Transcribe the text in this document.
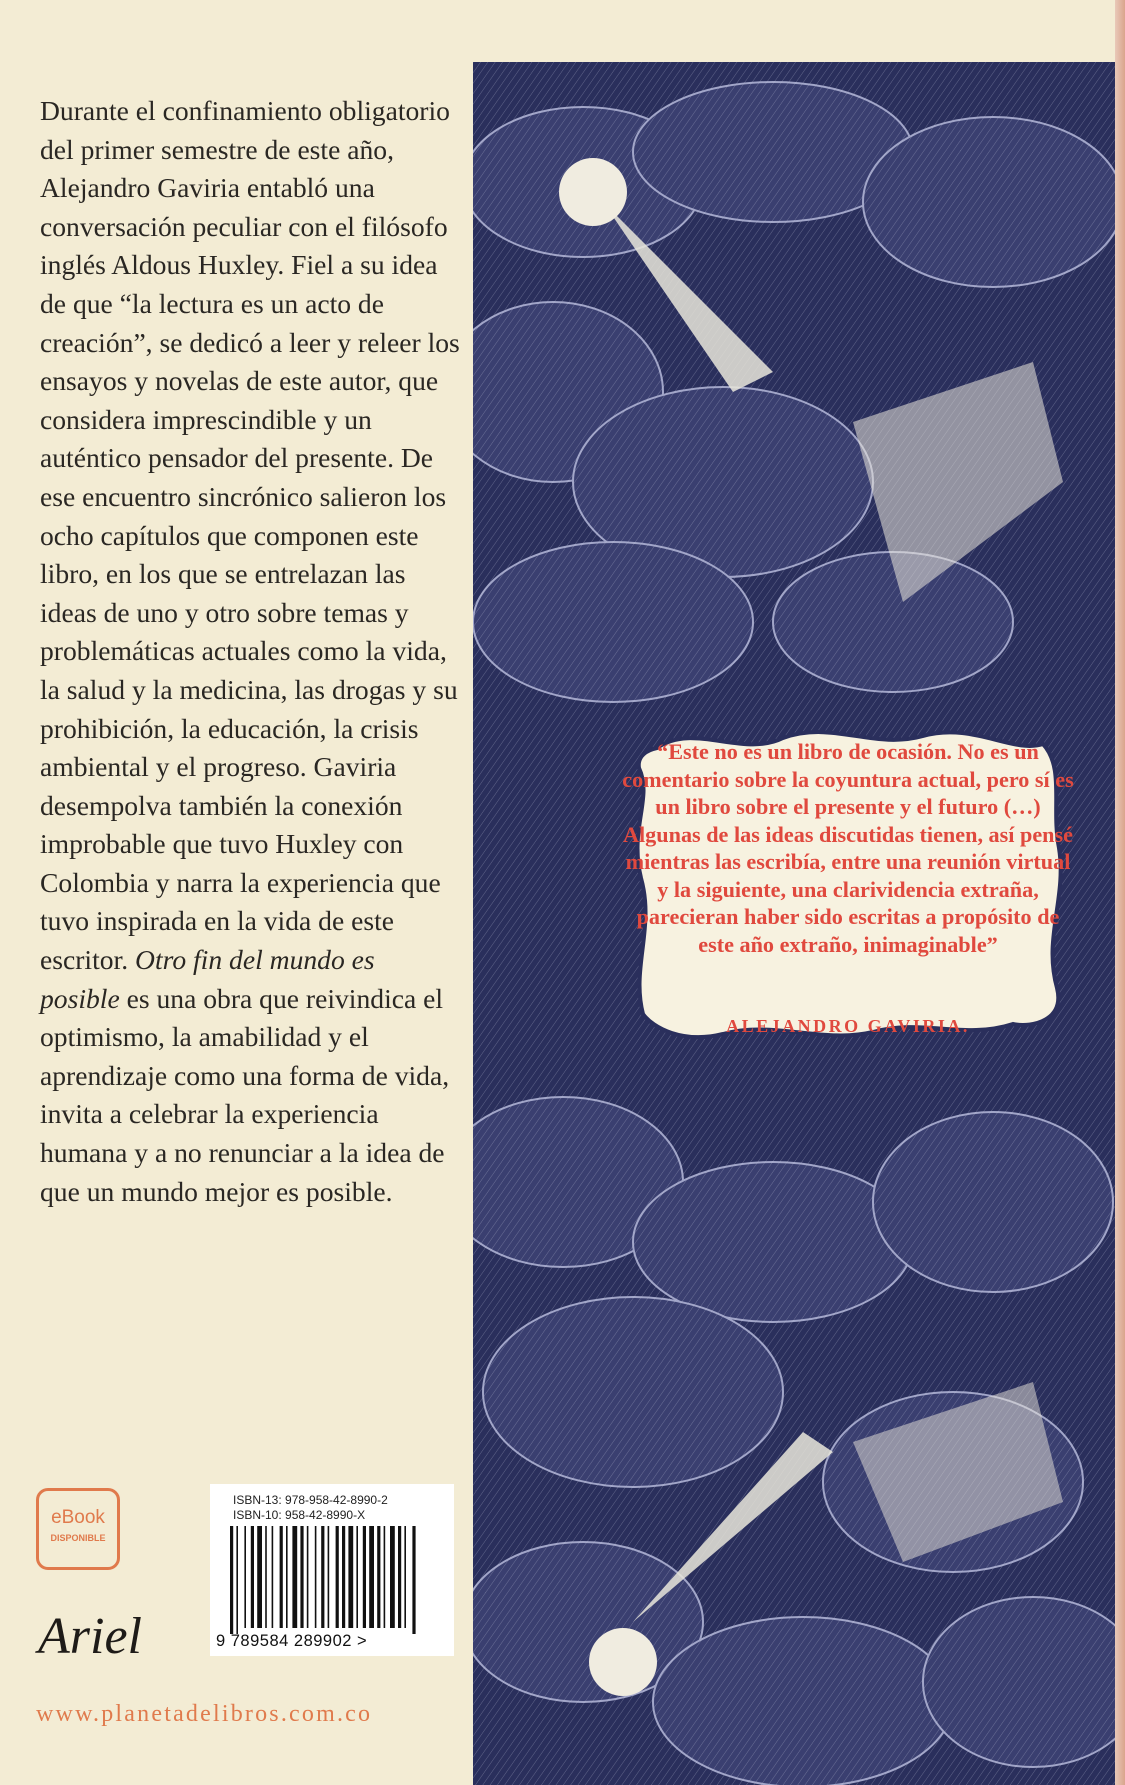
Durante el confinamiento obligatorio del primer semestre de este año, Alejandro Gaviria entabló una conversación peculiar con el filósofo inglés Aldous Huxley. Fiel a su idea de que “la lectura es un acto de creación”, se dedicó a leer y releer los ensayos y novelas de este autor, que considera imprescindible y un auténtico pensador del presente. De ese encuentro sincrónico salieron los ocho capítulos que componen este libro, en los que se entrelazan las ideas de uno y otro sobre temas y problemáticas actuales como la vida, la salud y la medicina, las drogas y su prohibición, la educación, la crisis ambiental y el progreso. Gaviria desempolva también la conexión improbable que tuvo Huxley con Colombia y narra la experiencia que tuvo inspirada en la vida de este escritor. Otro fin del mundo es posible es una obra que reivindica el optimismo, la amabilidad y el aprendizaje como una forma de vida, invita a celebrar la experiencia humana y a no renunciar a la idea de que un mundo mejor es posible.

“Este no es un libro de ocasión. No es un comentario sobre la coyuntura actual, pero sí es un libro sobre el presente y el futuro (…) Algunas de las ideas discutidas tienen, así pensé mientras las escribía, entre una reunión virtual y la siguiente, una clarividencia extraña, parecieran haber sido escritas a propósito de este año extraño, inimaginable”

ALEJANDRO GAVIRIA.
eBook
DISPONIBLE
ISBN-13: 978-958-42-8990-2
ISBN-10: 958-42-8990-X
9 789584 289902 >
Ariel
www.planetadelibros.com.co
